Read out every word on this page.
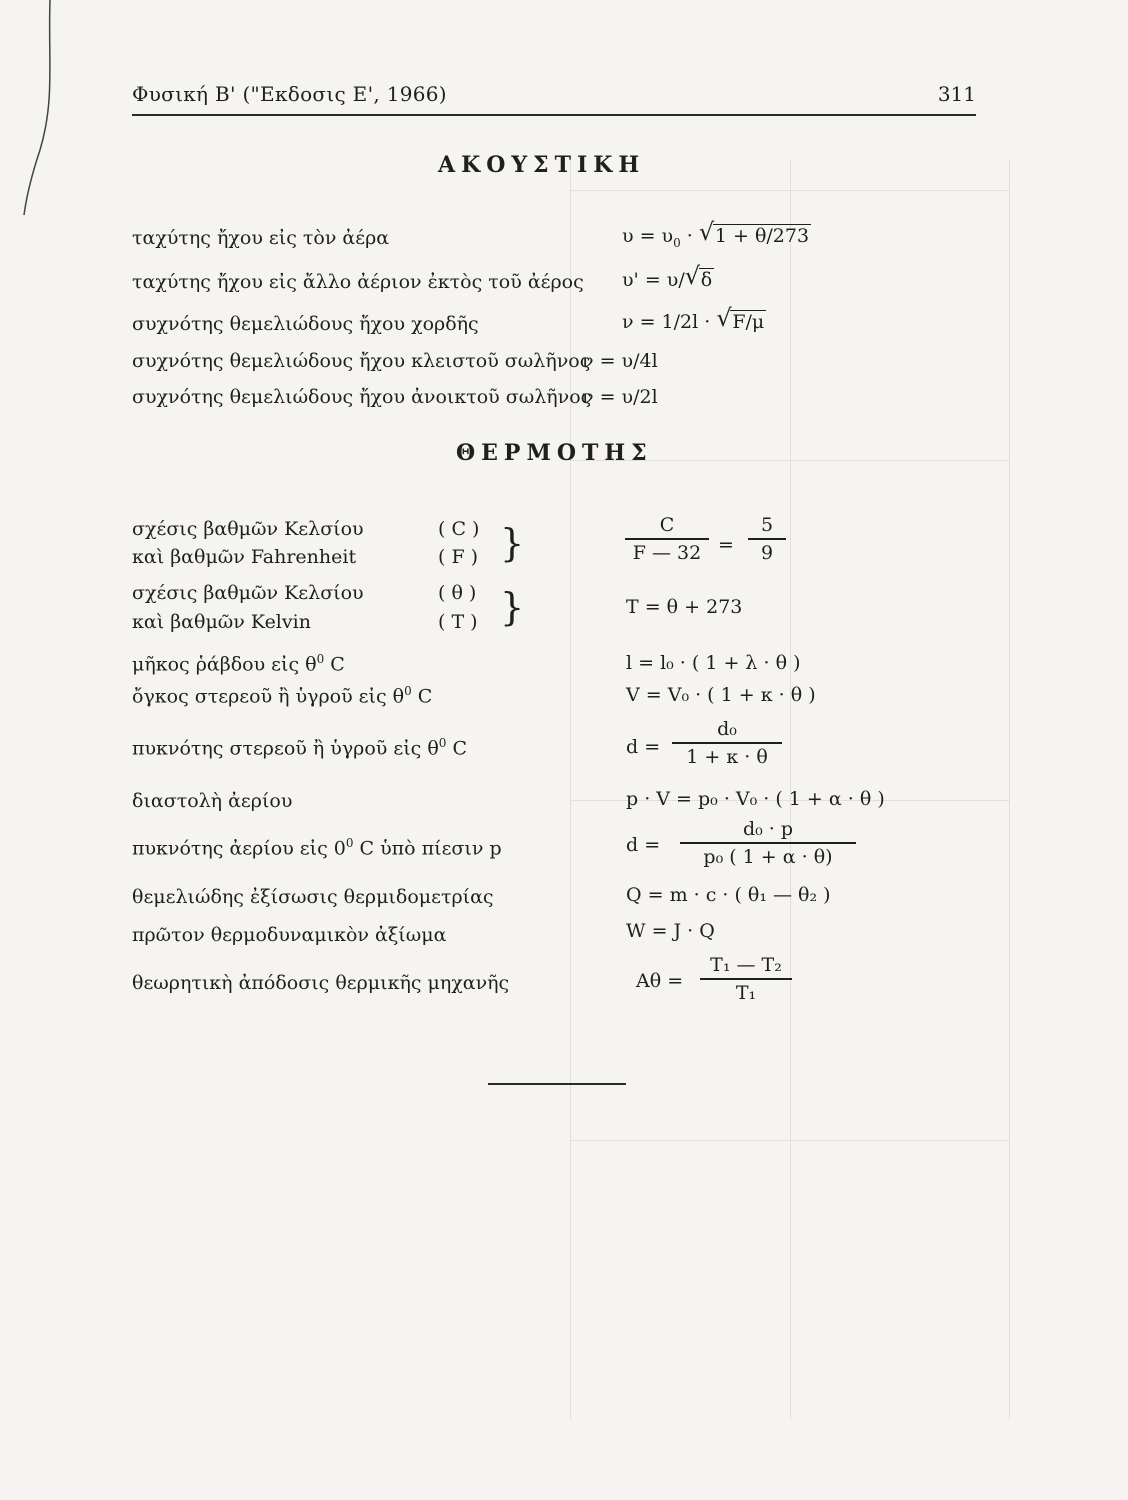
Φυσική Β' ("Εκδοσις Ε', 1966)	311
ΑΚΟΥΣΤΙΚΗ
ταχύτης ἤχου εἰς τὸν ἀέρα	$\upsilon = \upsilon_0$ · √ 1 + θ/273
ταχύτης ἤχου εἰς ἄλλο ἀέριον ἐκτὸς τοῦ ἀέρος υ' = υ/√ δ
συχνότης θεμελιώδους ἤχου χορδῆς	ν = 1/2l · √ F/μ
συχνότης θεμελιώδους ἤχου κλειστοῦ σωλῆνος
ν = υ/4l
συχνότης θεμελιώδους ἤχου ἀνοικτοῦ σωλῆνος
ν = υ/2l
ΘΕΡΜΟΤΗΣ
σχέσις βαθμῶν Κελσίου	( C )
καὶ βαθμῶν Fahrenheit	( F ) }	C
F — 32 =
5
9
σχέσις βαθμῶν Κελσίου	( θ )
καὶ βαθμῶν Kelvin	( T ) }	T = θ + 273
μῆκος ῥάβδου εἰς $\theta^0$ C	l = l₀ · ( 1 + λ · θ )
ὄγκος στερεοῦ ἢ ὑγροῦ εἰς $\theta^0$ C	V = V₀ · ( 1 + κ · θ )
πυκνότης στερεοῦ ἢ ὑγροῦ εἰς $\theta^0$ C	d =
d₀
1 + κ · θ
διαστολὴ ἀερίου	p · V = p₀ · V₀ · ( 1 + α · θ )
πυκνότης ἀερίου εἰς $0^0$ C ὑπὸ πίεσιν p	d =
d₀ · p
p₀ ( 1 + α · θ)
θεμελιώδης ἐξίσωσις θερμιδομετρίας	Q = m · c · ( θ₁ — θ₂ )
πρῶτον θερμοδυναμικὸν ἀξίωμα	W = J · Q
θεωρητικὴ ἀπόδοσις θερμικῆς μηχανῆς	Αθ =
T₁ — T₂
T₁
